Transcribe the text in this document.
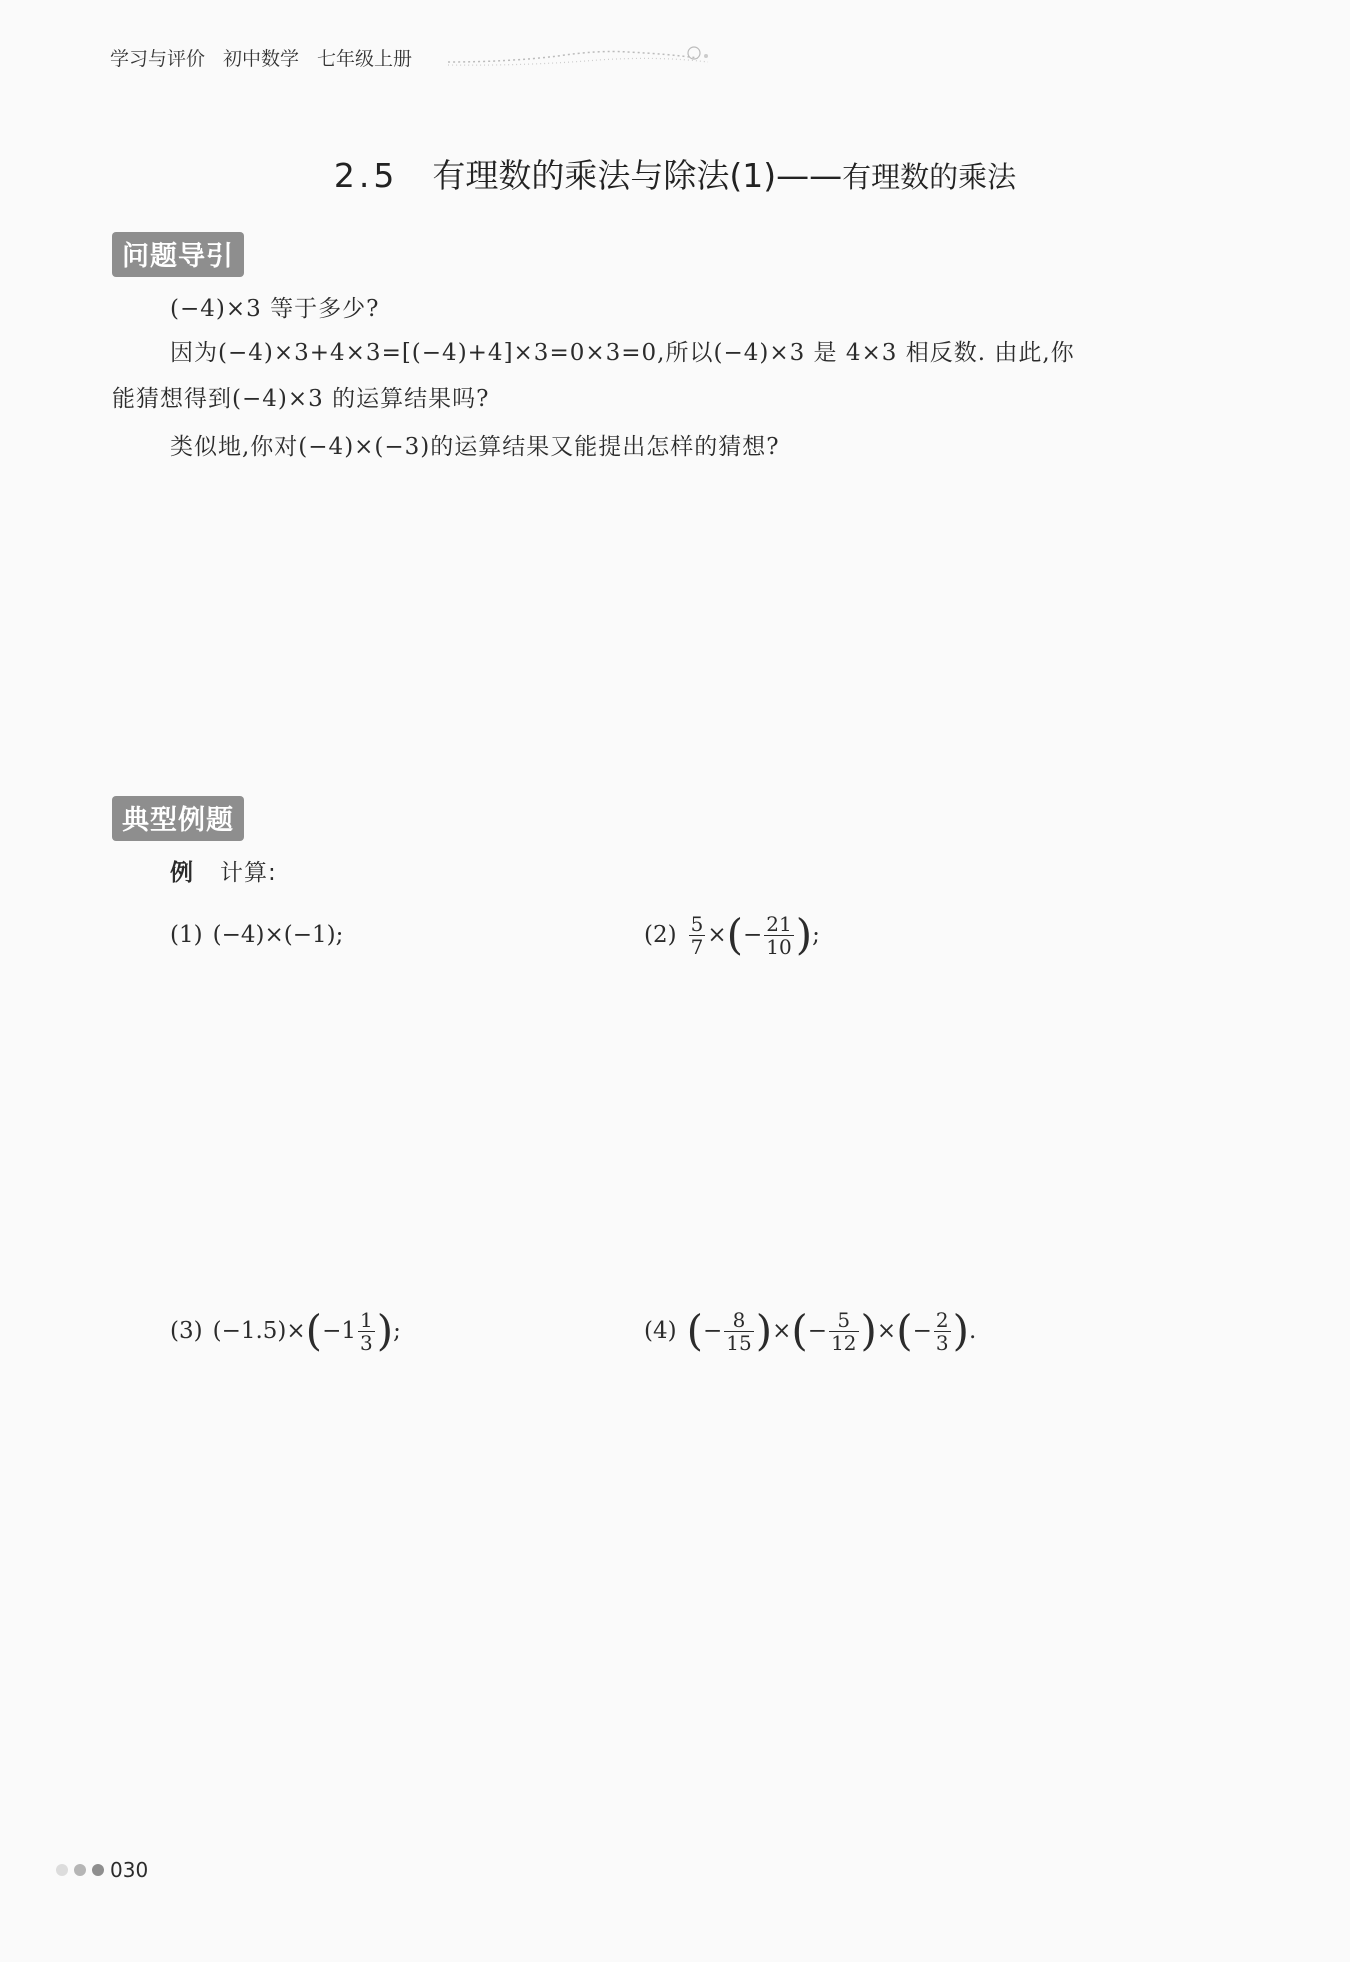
学习与评价 初中数学 七年级上册
2.5 有理数的乘法与除法(1)——有理数的乘法
问题导引
(−4)×3 等于多少?
因为(−4)×3+4×3=[(−4)+4]×3=0×3=0,所以(−4)×3 是 4×3 相反数. 由此,你
能猜想得到(−4)×3 的运算结果吗?
类似地,你对(−4)×(−3)的运算结果又能提出怎样的猜想?
典型例题
例 计算:
(1) (−4)×(−1);	$(2) \frac{5}{7}$ × ( − $\frac{21}{10}$ ) ;
(3) (−1.5)× ( $-1 \frac{1}{3}$ ) ;	(4) ( − $\frac{8}{15}$ ) × ( − $\frac{5}{12}$ ) × ( − $\frac{2}{3}$ ) .
030
